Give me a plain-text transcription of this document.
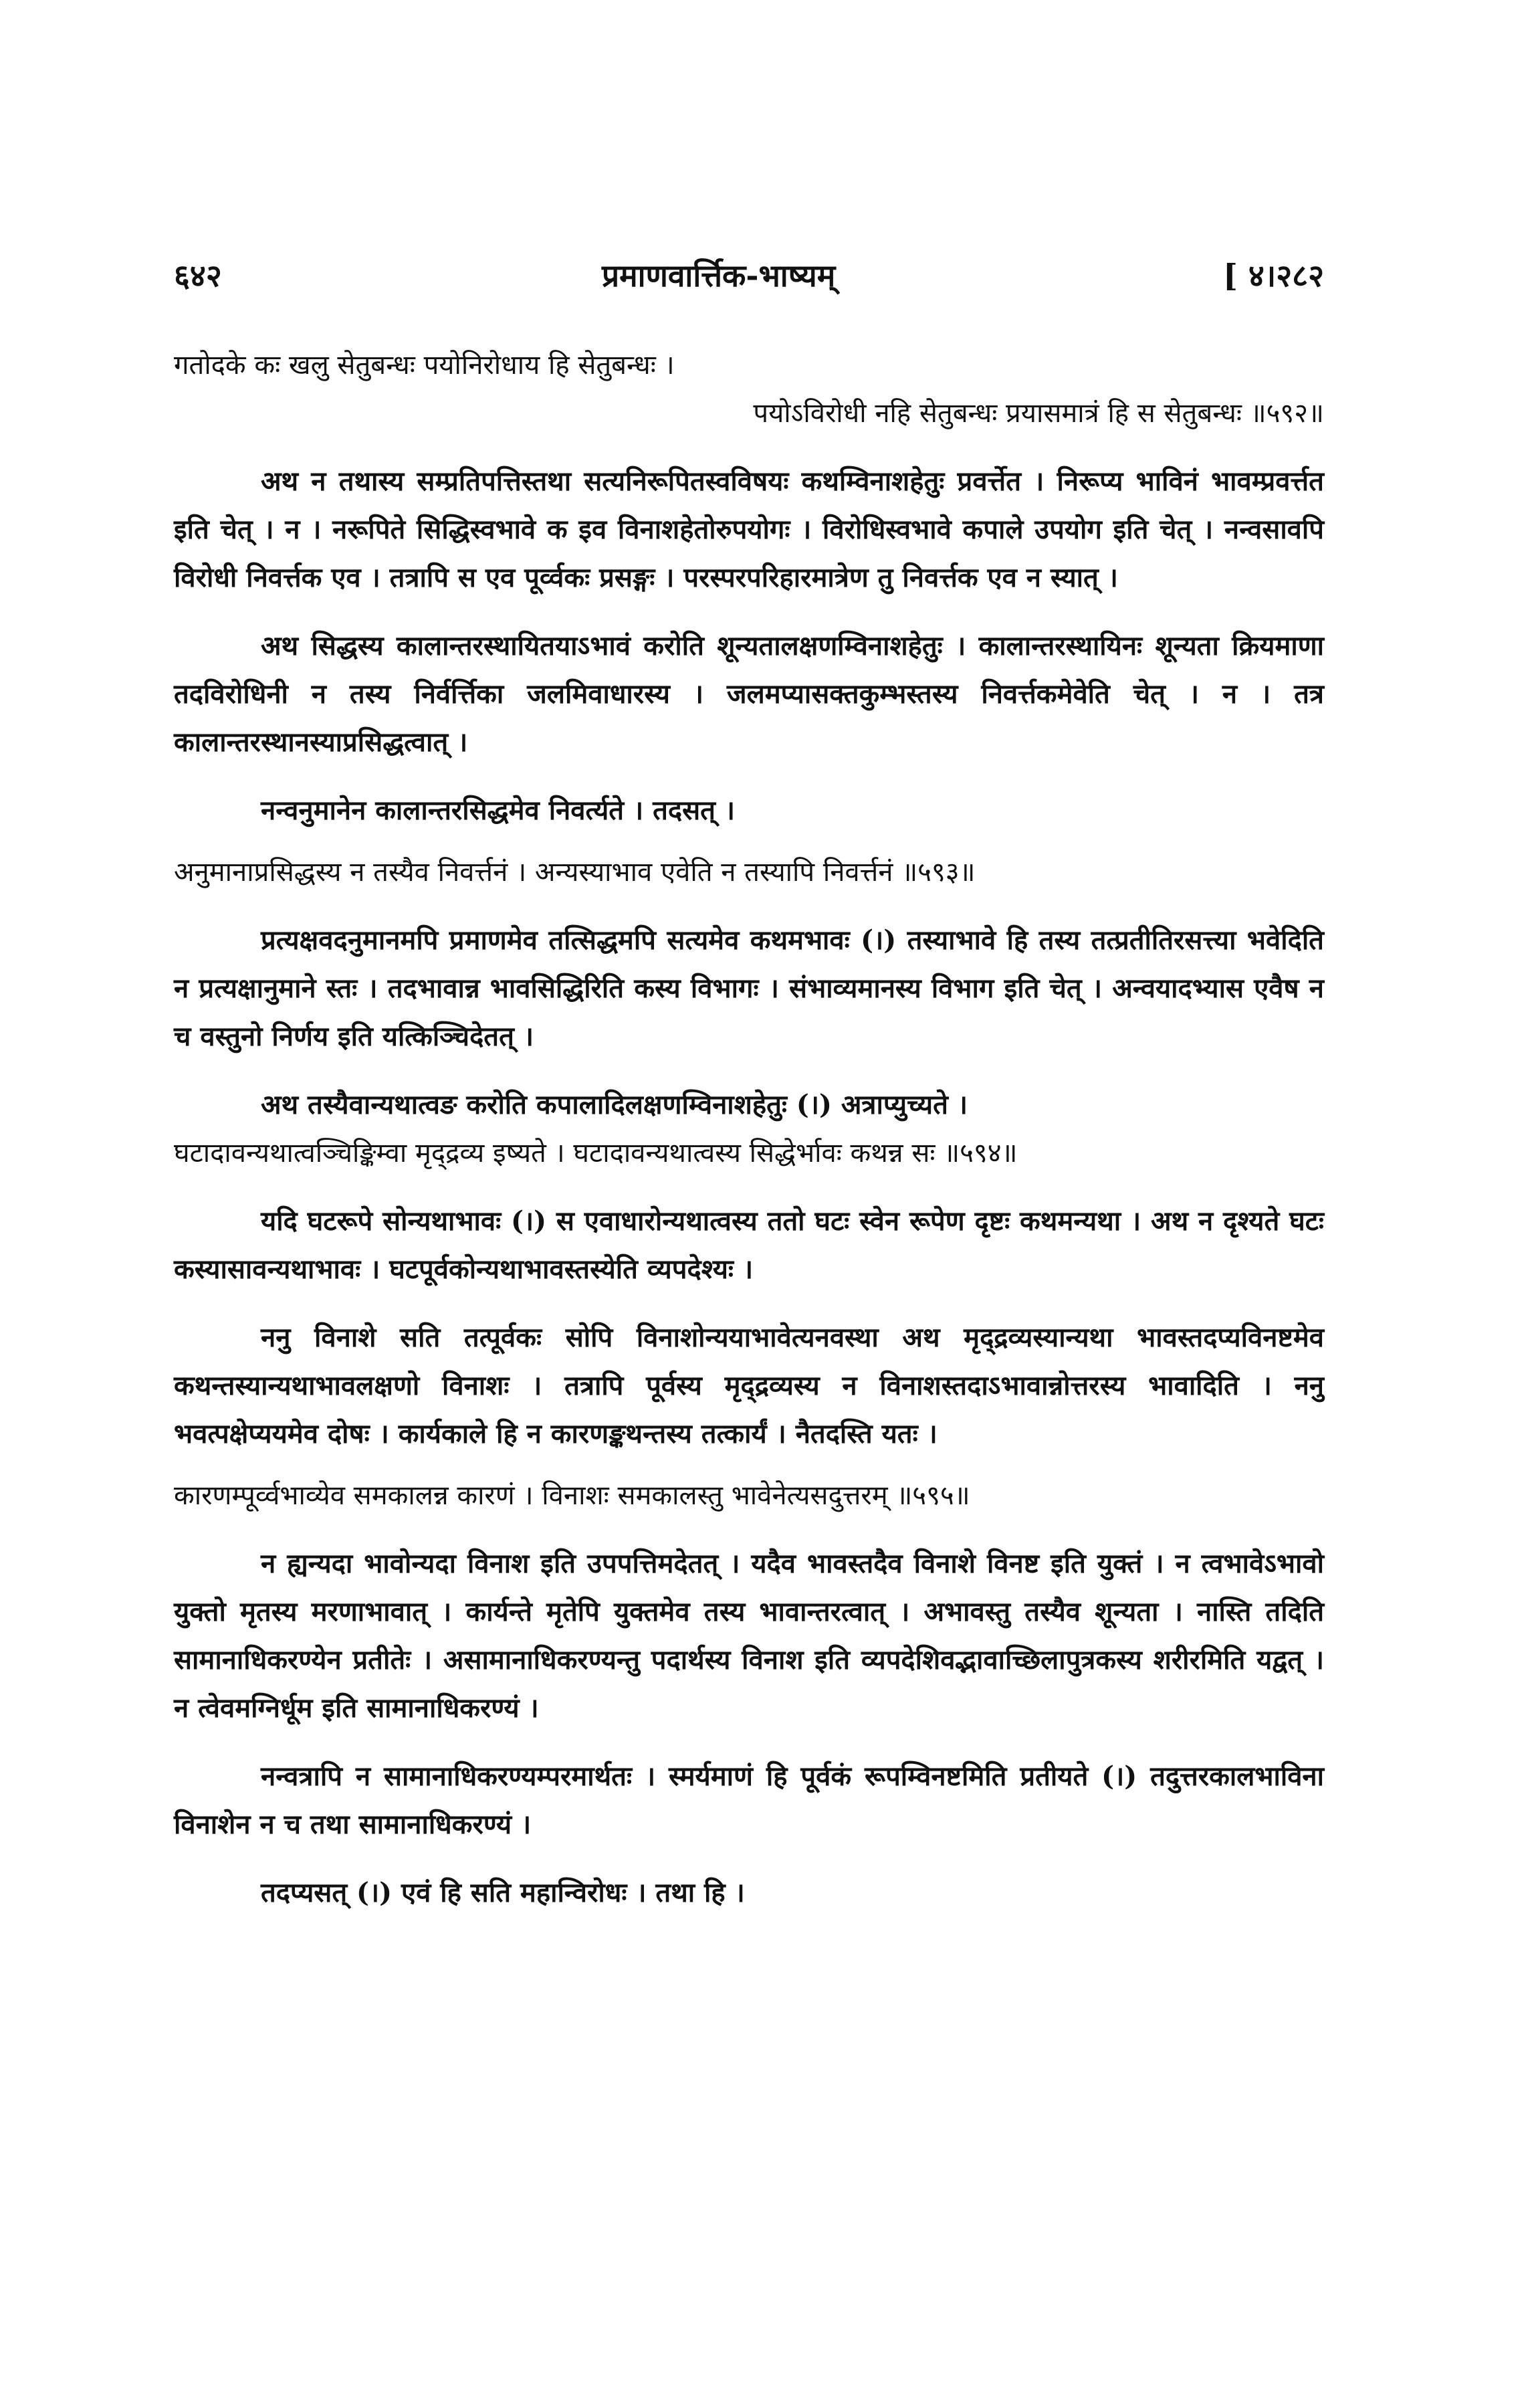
६४२	प्रमाणवार्त्तिक-भाष्यम्	[ ४।२८२
गतोदके कः खलु सेतुबन्धः पयोनिरोधाय हि सेतुबन्धः ।
पयोऽविरोधी नहि सेतुबन्धः प्रयासमात्रं हि स सेतुबन्धः ॥५९२॥
अथ न तथास्य सम्प्रतिपत्तिस्तथा सत्यनिरूपितस्वविषयः कथम्विनाशहेतुः प्रवर्त्तेत । निरूप्य भाविनं भावम्प्रवर्त्तत इति चेत् । न । नरूपिते सिद्धिस्वभावे क इव विनाशहेतोरुपयोगः । विरोधिस्वभावे कपाले उपयोग इति चेत् । नन्वसावपि विरोधी निवर्त्तक एव । तत्रापि स एव पूर्व्वकः प्रसङ्गः । परस्परपरिहारमात्रेण तु निवर्त्तक एव न स्यात् ।
अथ सिद्धस्य कालान्तरस्थायितयाऽभावं करोति शून्यतालक्षणम्विनाशहेतुः । कालान्तरस्थायिनः शून्यता क्रियमाणा तदविरोधिनी न तस्य निर्वर्त्तिका जलमिवाधारस्य । जलमप्यासक्तकुम्भस्तस्य निवर्त्तकमेवेति चेत् । न । तत्र कालान्तरस्थानस्याप्रसिद्धत्वात् ।
नन्वनुमानेन कालान्तरसिद्धमेव निवर्त्यते । तदसत् ।
अनुमानाप्रसिद्धस्य न तस्यैव निवर्त्तनं । अन्यस्याभाव एवेति न तस्यापि निवर्त्तनं ॥५९३॥
प्रत्यक्षवदनुमानमपि प्रमाणमेव तत्सिद्धमपि सत्यमेव कथमभावः (।) तस्याभावे हि तस्य तत्प्रतीतिरसत्त्या भवेदिति न प्रत्यक्षानुमाने स्तः । तदभावान्न भावसिद्धिरिति कस्य विभागः । संभाव्यमानस्य विभाग इति चेत् । अन्वयादभ्यास एवैष न च वस्तुनो निर्णय इति यत्किञ्चिदेतत् ।
अथ तस्यैवान्यथात्वङ करोति कपालादिलक्षणम्विनाशहेतुः (।) अत्राप्युच्यते ।
घटादावन्यथात्वञ्चिङ्किम्वा मृद्द्रव्य इष्यते । घटादावन्यथात्वस्य सिद्धेर्भावः कथन्न सः ॥५९४॥
यदि घटरूपे सोन्यथाभावः (।) स एवाधारोन्यथात्वस्य ततो घटः स्वेन रूपेण दृष्टः कथमन्यथा । अथ न दृश्यते घटः कस्यासावन्यथाभावः । घटपूर्वकोन्यथाभावस्तस्येति व्यपदेश्यः ।
ननु विनाशे सति तत्पूर्वकः सोपि विनाशोन्ययाभावेत्यनवस्था अथ मृद्द्रव्यस्यान्यथा भावस्तदप्यविनष्टमेव कथन्तस्यान्यथाभावलक्षणो विनाशः । तत्रापि पूर्वस्य मृद्द्रव्यस्य न विनाशस्तदाऽभावान्नोत्तरस्य भावादिति । ननु भवत्पक्षेप्ययमेव दोषः । कार्यकाले हि न कारणङ्कथन्तस्य तत्कार्यं । नैतदस्ति यतः ।
कारणम्पूर्व्वभाव्येव समकालन्न कारणं । विनाशः समकालस्तु भावेनेत्यसदुत्तरम् ॥५९५॥
न ह्यन्यदा भावोन्यदा विनाश इति उपपत्तिमदेतत् । यदैव भावस्तदैव विनाशे विनष्ट इति युक्तं । न त्वभावेऽभावो युक्तो मृतस्य मरणाभावात् । कार्यन्ते मृतेपि युक्तमेव तस्य भावान्तरत्वात् । अभावस्तु तस्यैव शून्यता । नास्ति तदिति सामानाधिकरण्येन प्रतीतेः । असामानाधिकरण्यन्तु पदार्थस्य विनाश इति व्यपदेशिवद्भावाच्छिलापुत्रकस्य शरीरमिति यद्वत् । न त्वेवमग्निर्धूम इति सामानाधिकरण्यं ।
नन्वत्रापि न सामानाधिकरण्यम्परमार्थतः । स्मर्यमाणं हि पूर्वकं रूपम्विनष्टमिति प्रतीयते (।) तदुत्तरकालभाविना विनाशेन न च तथा सामानाधिकरण्यं ।
तदप्यसत् (।) एवं हि सति महान्विरोधः । तथा हि ।
